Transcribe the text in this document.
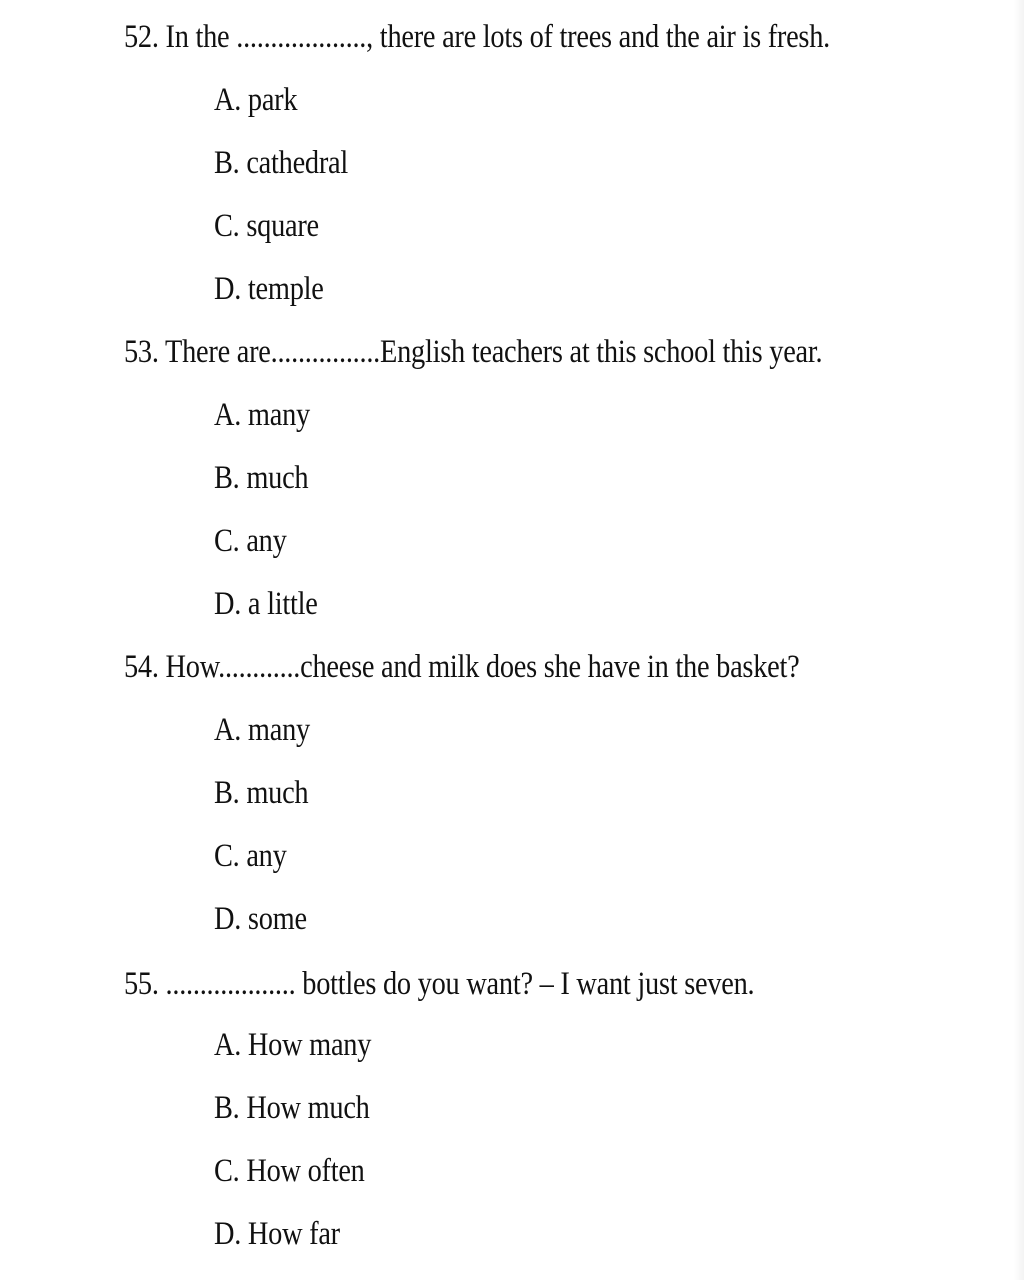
52. In the ..................., there are lots of trees and the air is fresh.
A. park
B. cathedral
C. square
D. temple
53. There are................English teachers at this school this year.
A. many
B. much
C. any
D. a little
54. How............cheese and milk does she have in the basket?
A. many
B. much
C. any
D. some
55. ................... bottles do you want? – I want just seven.
A. How many
B. How much
C. How often
D. How far
